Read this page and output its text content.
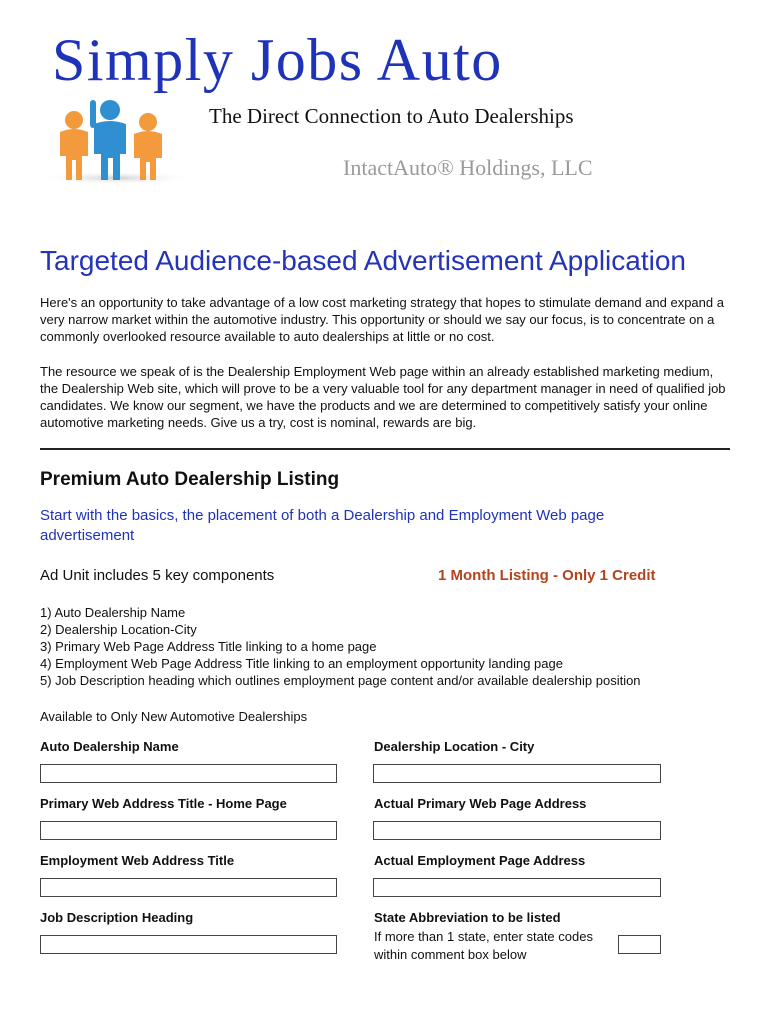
Simply Jobs Auto
The Direct Connection to Auto Dealerships
IntactAuto® Holdings, LLC
Targeted Audience-based Advertisement Application

Here's an opportunity to take advantage of a low cost marketing strategy that hopes to stimulate demand and expand a very narrow market within the automotive industry. This opportunity or should we say our focus, is to concentrate on a commonly overlooked resource available to auto dealerships at little or no cost.

The resource we speak of is the Dealership Employment Web page within an already established marketing medium, the Dealership Web site, which will prove to be a very valuable tool for any department manager in need of qualified job candidates. We know our segment, we have the products and we are determined to competitively satisfy your online automotive marketing needs. Give us a try, cost is nominal, rewards are big.

Premium Auto Dealership Listing

Start with the basics, the placement of both a Dealership and Employment Web page advertisement

Ad Unit includes 5 key components	1 Month Listing - Only 1 Credit
1) Auto Dealership Name
2) Dealership Location-City
3) Primary Web Page Address Title linking to a home page
4) Employment Web Page Address Title linking to an employment opportunity landing page
5) Job Description heading which outlines employment page content and/or available dealership position
Available to Only New Automotive Dealerships
Auto Dealership Name	Dealership Location - City
Primary Web Address Title - Home Page	Actual Primary Web Page Address
Employment Web Address Title	Actual Employment Page Address
Job Description Heading	State Abbreviation to be listed

If more than 1 state, enter state codes within comment box below
